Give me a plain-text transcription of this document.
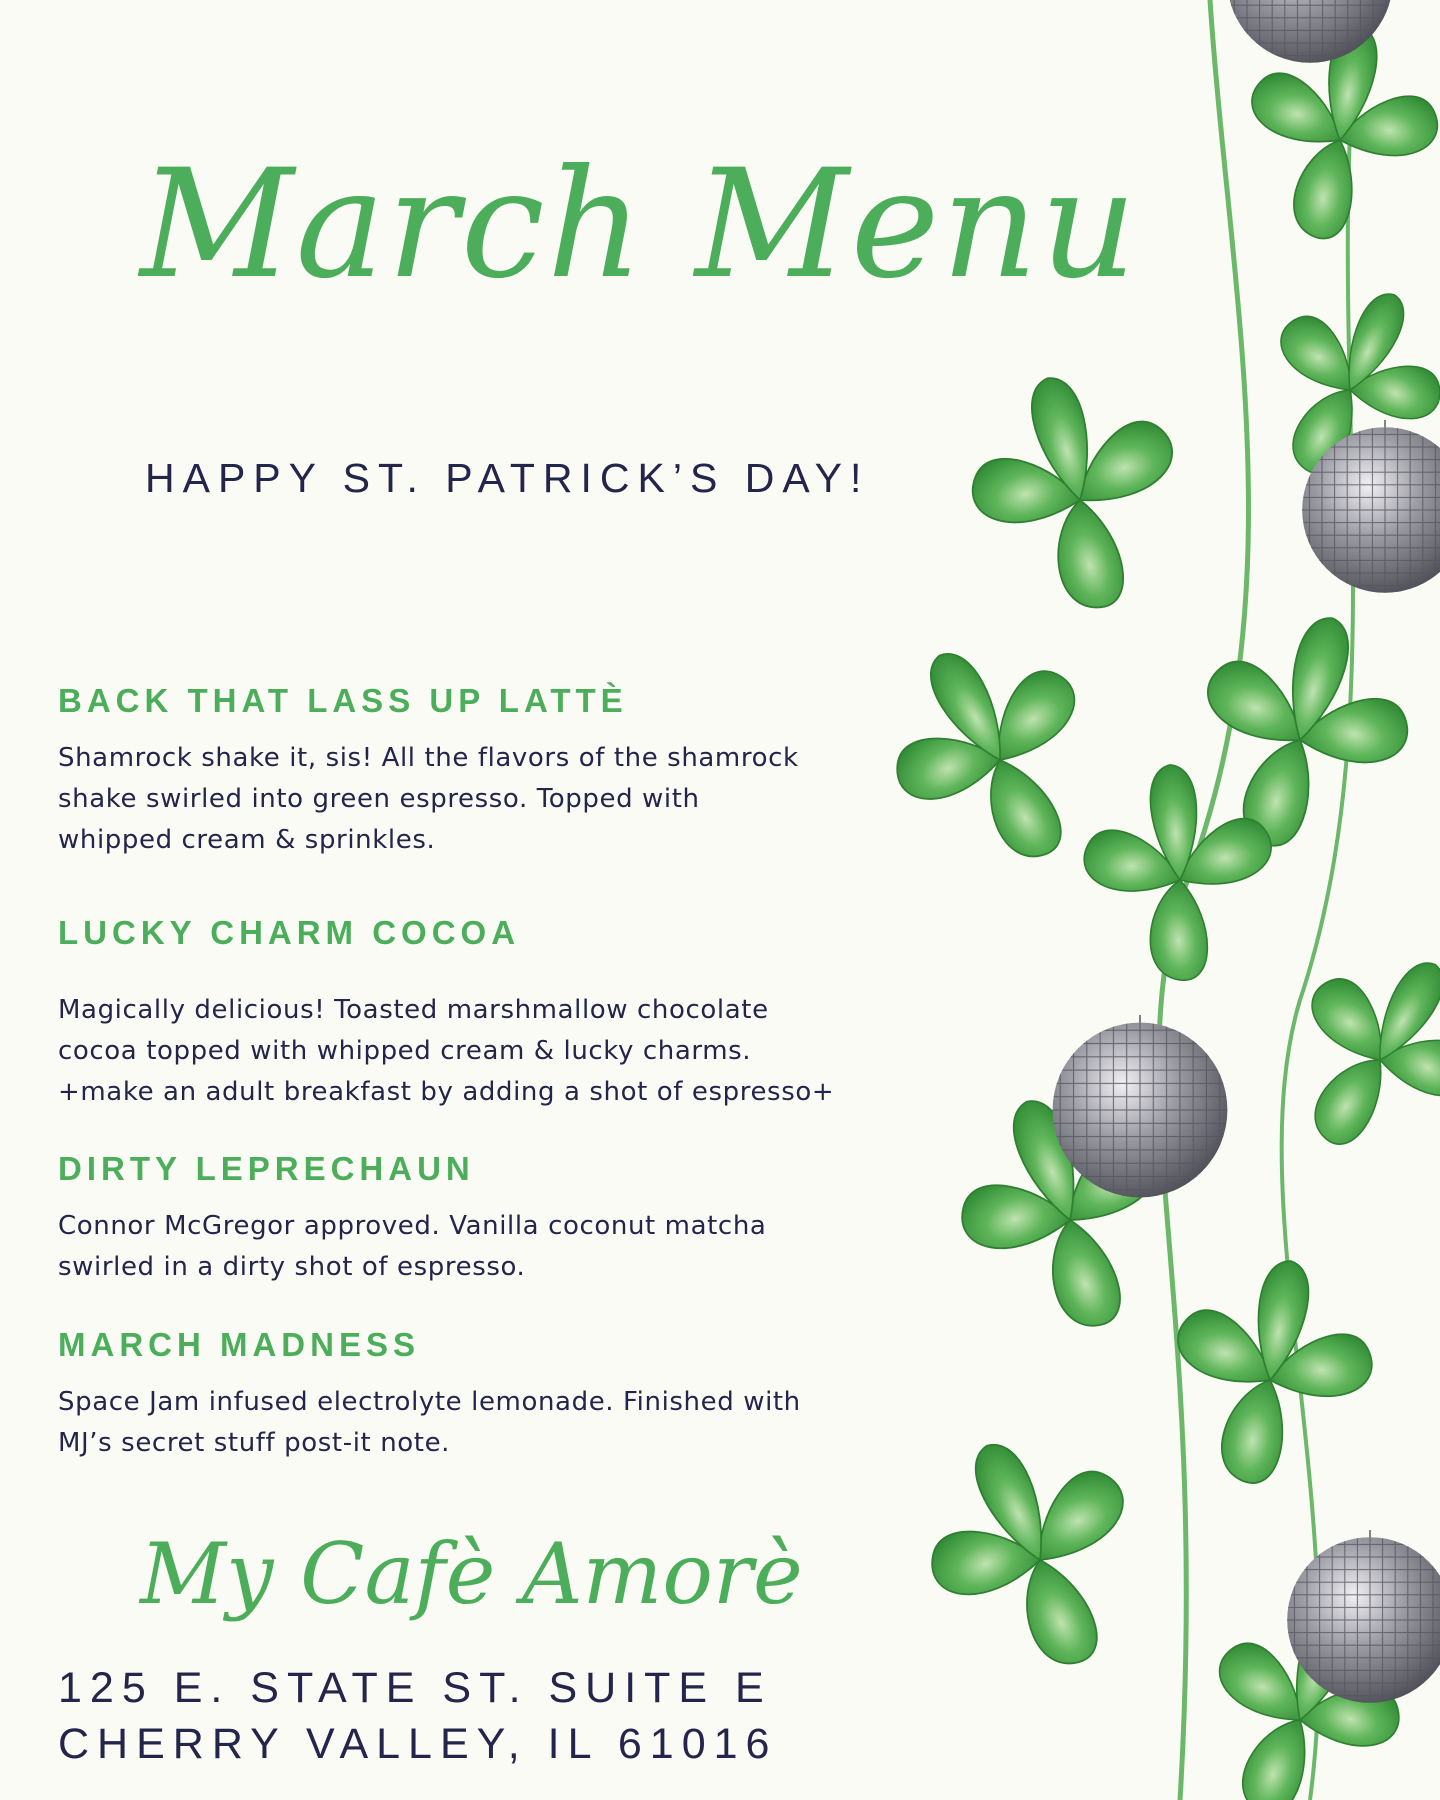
March Menu
HAPPY ST. PATRICK’S DAY!
BACK THAT LASS UP LATTÈ
Shamrock shake it, sis! All the flavors of the shamrock
shake swirled into green espresso. Topped with
whipped cream & sprinkles.
LUCKY CHARM COCOA
Magically delicious! Toasted marshmallow chocolate
cocoa topped with whipped cream & lucky charms.
+make an adult breakfast by adding a shot of espresso+
DIRTY LEPRECHAUN
Connor McGregor approved. Vanilla coconut matcha
swirled in a dirty shot of espresso.
MARCH MADNESS
Space Jam infused electrolyte lemonade. Finished with
MJ’s secret stuff post-it note.
My Cafè Amorè
125 E. STATE ST. SUITE E
CHERRY VALLEY, IL 61016
